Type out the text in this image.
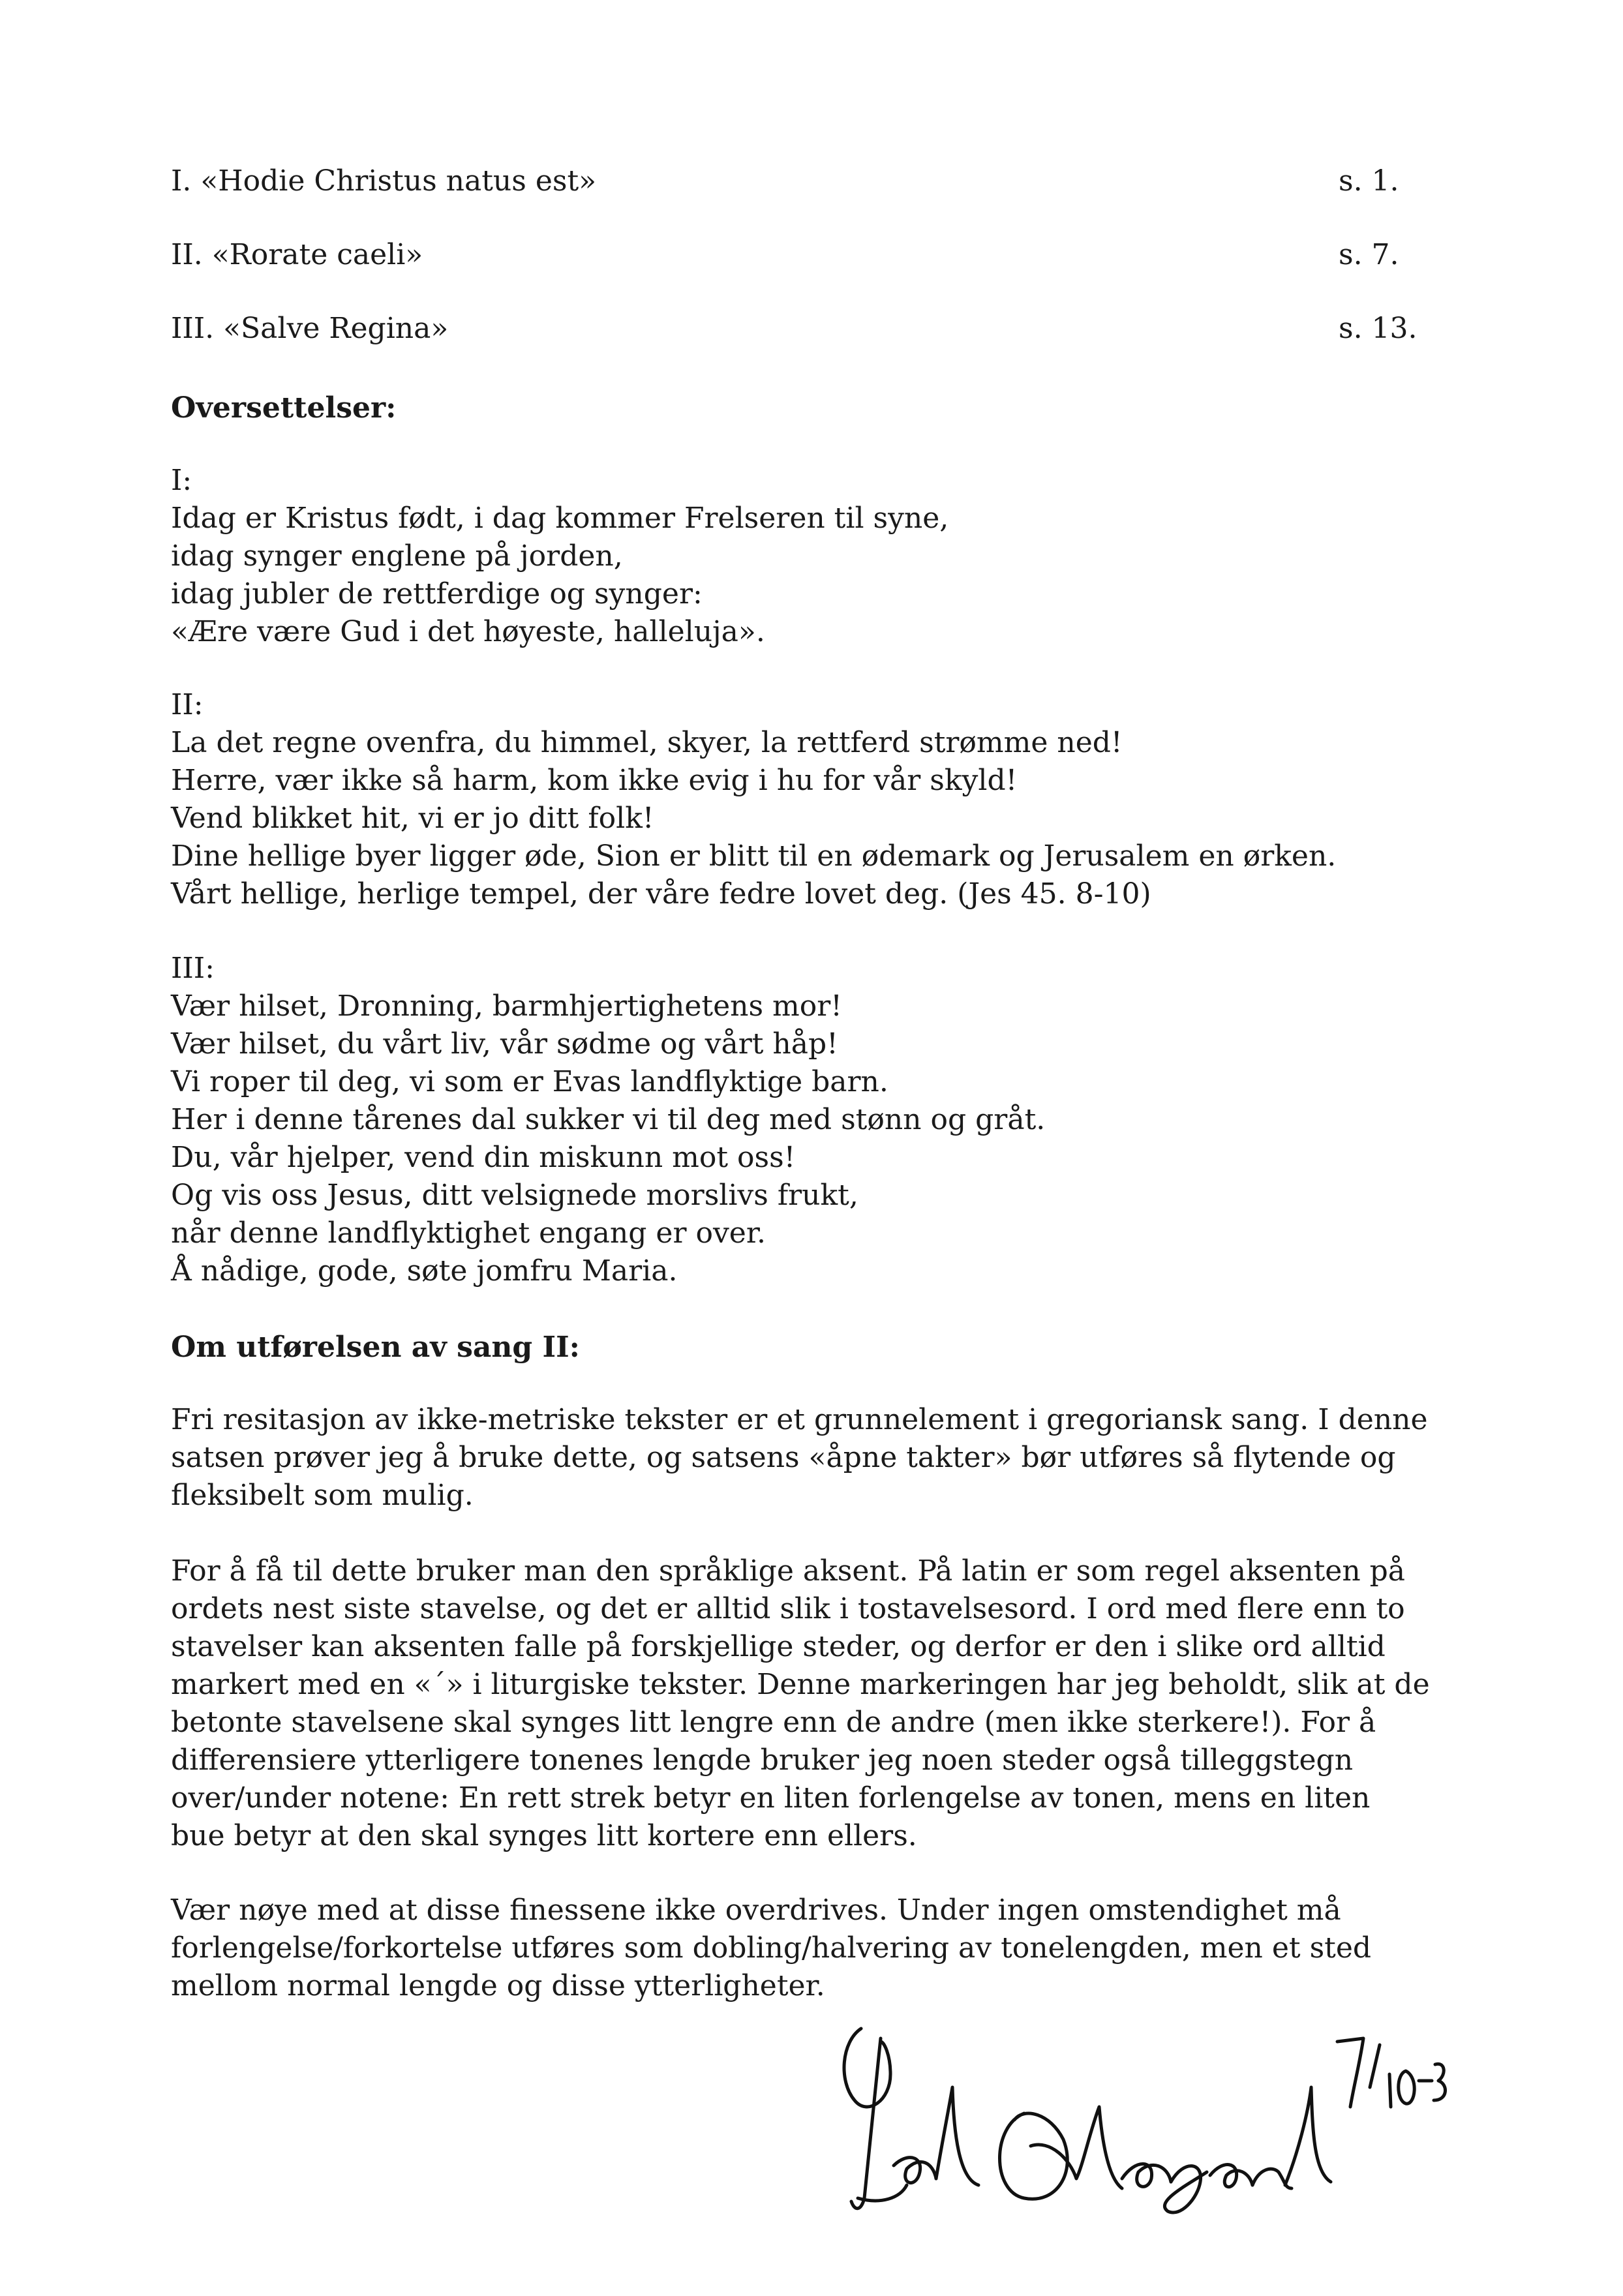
I. «Hodie Christus natus est»	s. 1.
II. «Rorate caeli»	s. 7.
III. «Salve Regina»	s. 13.
Oversettelser:
I:
Idag er Kristus født, i dag kommer Frelseren til syne,
idag synger englene på jorden,
idag jubler de rettferdige og synger:
«Ære være Gud i det høyeste, halleluja».
II:
La det regne ovenfra, du himmel, skyer, la rettferd strømme ned!
Herre, vær ikke så harm, kom ikke evig i hu for vår skyld!
Vend blikket hit, vi er jo ditt folk!
Dine hellige byer ligger øde, Sion er blitt til en ødemark og Jerusalem en ørken.
Vårt hellige, herlige tempel, der våre fedre lovet deg. (Jes 45. 8-10)
III:
Vær hilset, Dronning, barmhjertighetens mor!
Vær hilset, du vårt liv, vår sødme og vårt håp!
Vi roper til deg, vi som er Evas landflyktige barn.
Her i denne tårenes dal sukker vi til deg med stønn og gråt.
Du, vår hjelper, vend din miskunn mot oss!
Og vis oss Jesus, ditt velsignede morslivs frukt,
når denne landflyktighet engang er over.
Å nådige, gode, søte jomfru Maria.
Om utførelsen av sang II:
Fri resitasjon av ikke-metriske tekster er et grunnelement i gregoriansk sang. I denne
satsen prøver jeg å bruke dette, og satsens «åpne takter» bør utføres så flytende og
fleksibelt som mulig.
For å få til dette bruker man den språklige aksent. På latin er som regel aksenten på
ordets nest siste stavelse, og det er alltid slik i tostavelsesord. I ord med flere enn to
stavelser kan aksenten falle på forskjellige steder, og derfor er den i slike ord alltid
markert med en «´» i liturgiske tekster. Denne markeringen har jeg beholdt, slik at de
betonte stavelsene skal synges litt lengre enn de andre (men ikke sterkere!). For å
differensiere ytterligere tonenes lengde bruker jeg noen steder også tilleggstegn
over/under notene: En rett strek betyr en liten forlengelse av tonen, mens en liten
bue betyr at den skal synges litt kortere enn ellers.
Vær nøye med at disse finessene ikke overdrives. Under ingen omstendighet må
forlengelse/forkortelse utføres som dobling/halvering av tonelengden, men et sted
mellom normal lengde og disse ytterligheter.
